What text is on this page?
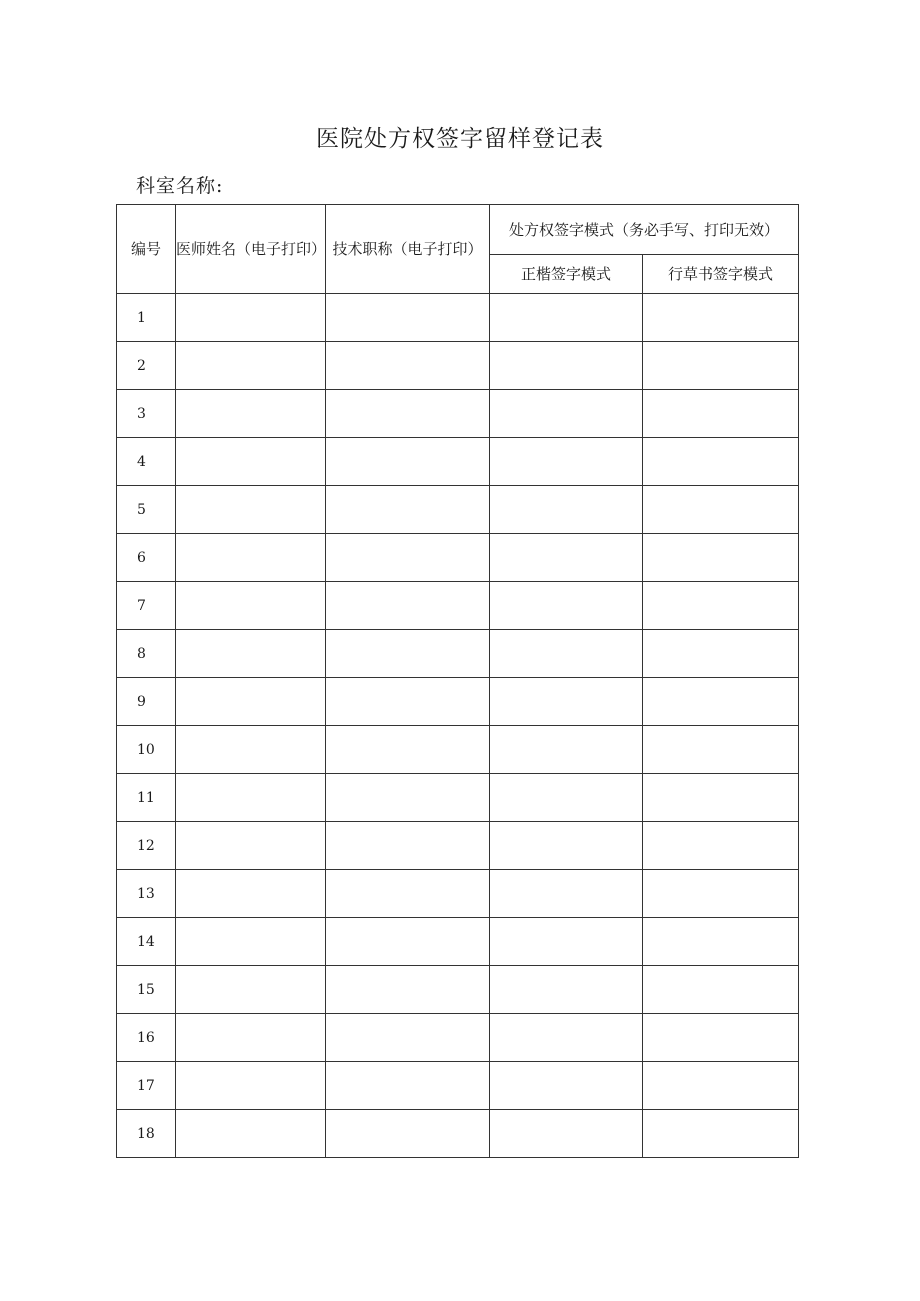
医院处方权签字留样登记表
科室名称:
编号	医师姓名（电子打印）	技术职称（电子打印）	处方权签字模式（务必手写、打印无效）	
			正楷签字模式	行草书签字模式
1				
2				
3				
4				
5				
6				
7				
8				
9				
10				
11				
12				
13				
14				
15				
16				
17				
18				
